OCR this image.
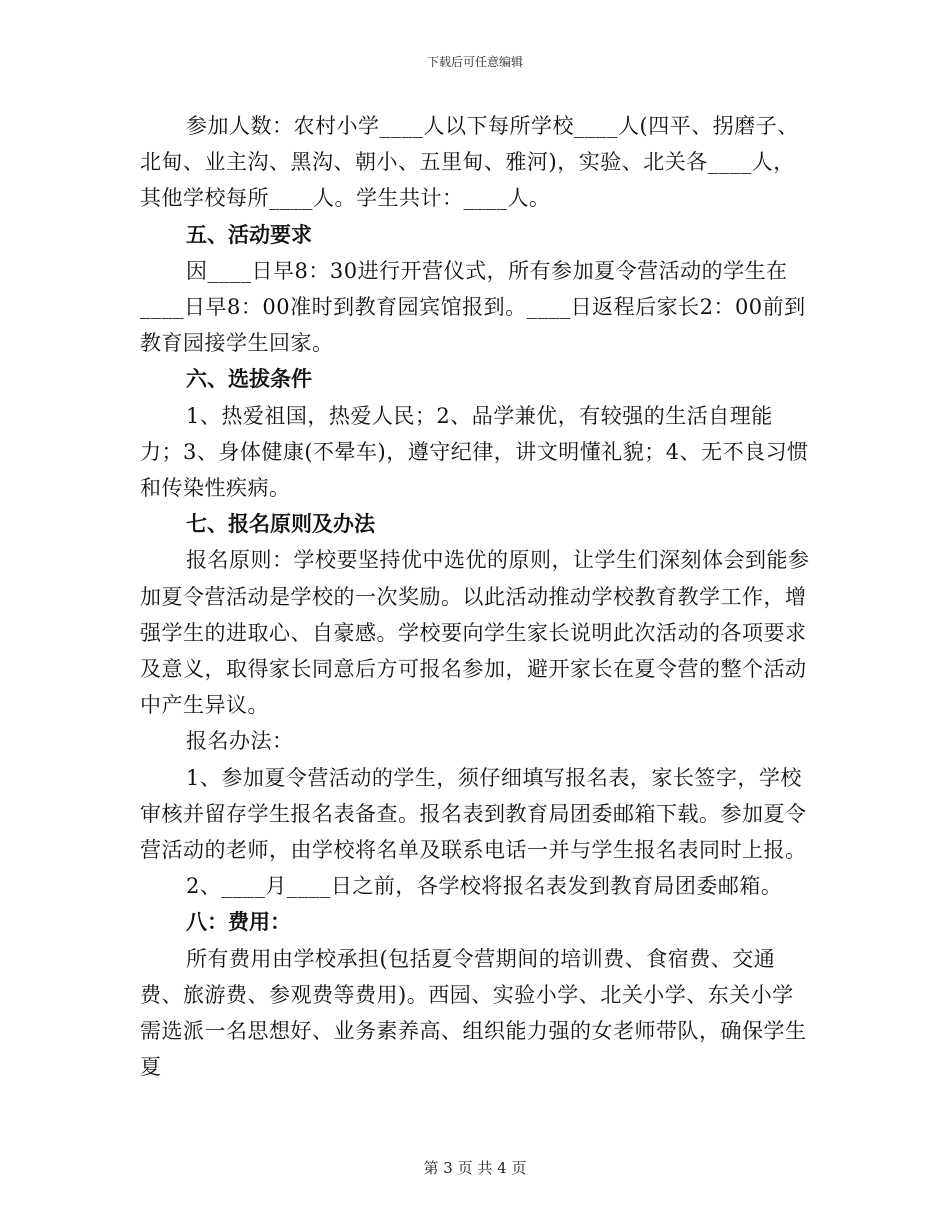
下载后可任意编辑

参加人数：农村小学____人以下每所学校____人(四平、拐磨子、北甸、业主沟、黑沟、朝小、五里甸、雅河)，实验、北关各____人，其他学校每所____人。学生共计：____人。

五、活动要求

因____日早8：30进行开营仪式，所有参加夏令营活动的学生在____日早8：00准时到教育园宾馆报到。____日返程后家长2：00前到教育园接学生回家。

六、选拔条件

1、热爱祖国，热爱人民；2、品学兼优，有较强的生活自理能力；3、身体健康(不晕车)，遵守纪律，讲文明懂礼貌；4、无不良习惯和传染性疾病。

七、报名原则及办法

报名原则：学校要坚持优中选优的原则，让学生们深刻体会到能参加夏令营活动是学校的一次奖励。以此活动推动学校教育教学工作，增强学生的进取心、自豪感。学校要向学生家长说明此次活动的各项要求及意义，取得家长同意后方可报名参加，避开家长在夏令营的整个活动中产生异议。

报名办法：

1、参加夏令营活动的学生，须仔细填写报名表，家长签字，学校审核并留存学生报名表备查。报名表到教育局团委邮箱下载。参加夏令营活动的老师，由学校将名单及联系电话一并与学生报名表同时上报。

2、____月____日之前，各学校将报名表发到教育局团委邮箱。

八：费用：

所有费用由学校承担(包括夏令营期间的培训费、食宿费、交通费、旅游费、参观费等费用)。西园、实验小学、北关小学、东关小学需选派一名思想好、业务素养高、组织能力强的女老师带队，确保学生夏

第 3 页 共 4 页
